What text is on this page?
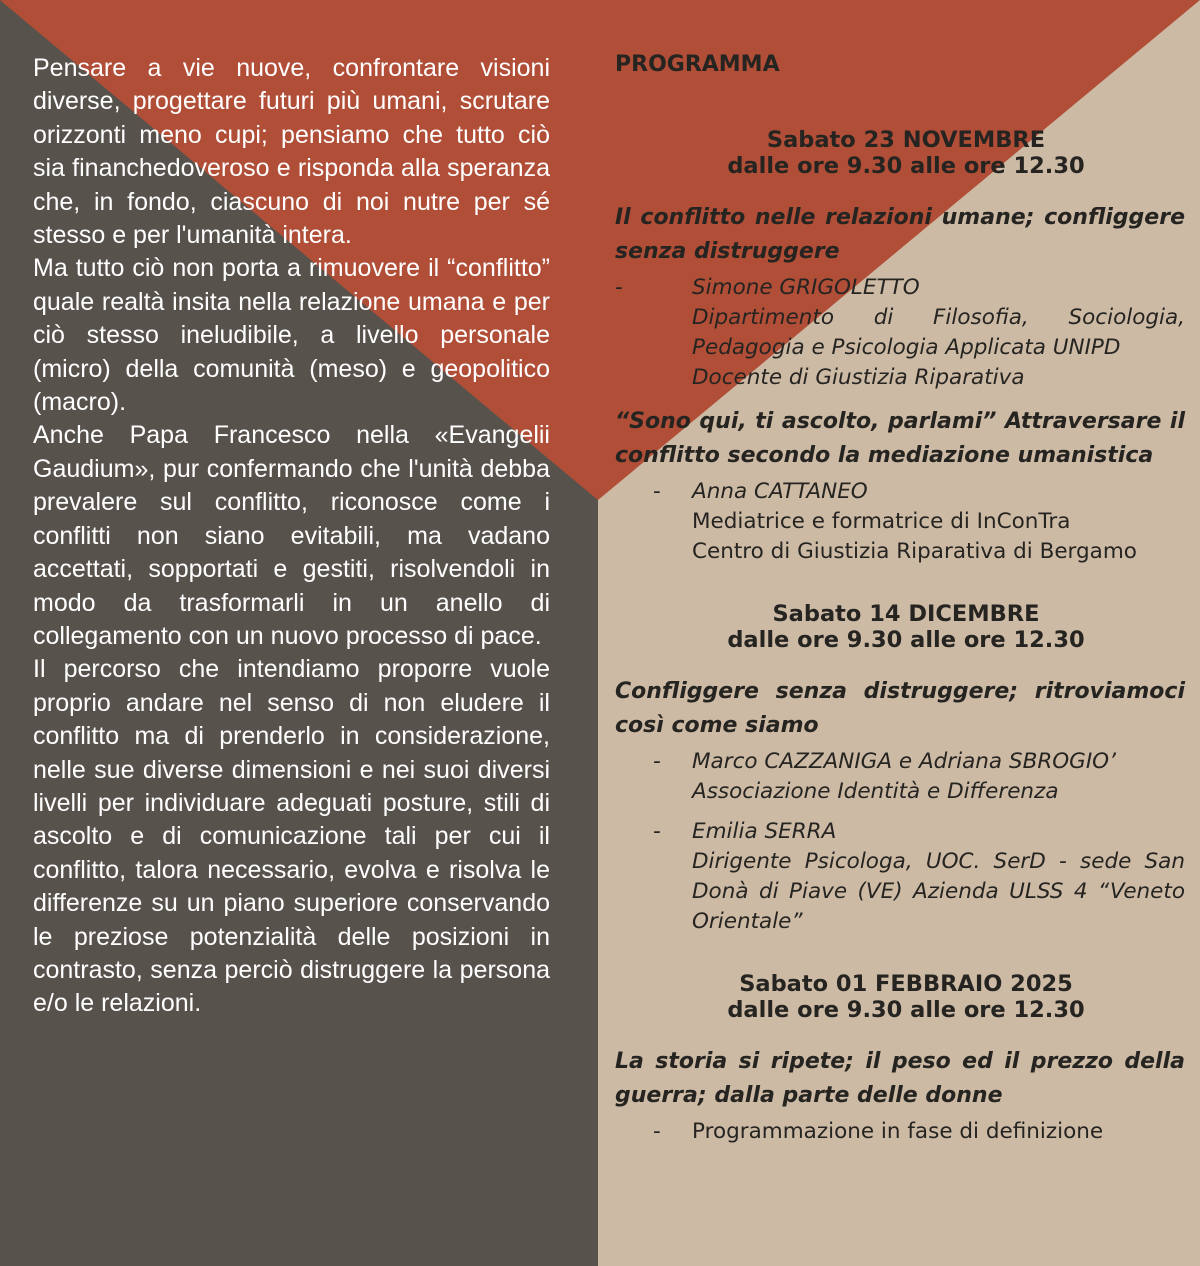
Pensare a vie nuove, confrontare visioni diverse, progettare futuri più umani, scrutare orizzonti meno cupi; pensiamo che tutto ciò sia financhedoveroso e risponda alla speranza che, in fondo, ciascuno di noi nutre per sé stesso e per l'umanità intera.

Ma tutto ciò non porta a rimuovere il “conflitto” quale realtà insita nella relazione umana e per ciò stesso ineludibile, a livello personale (micro) della comunità (meso) e geopolitico (macro).

Anche Papa Francesco nella «Evangelii Gaudium», pur confermando che l'unità debba prevalere sul conflitto, riconosce come i conflitti non siano evitabili, ma vadano accettati, sopportati e gestiti, risolvendoli in modo da trasformarli in un anello di collegamento con un nuovo processo di pace.

Il percorso che intendiamo proporre vuole proprio andare nel senso di non eludere il conflitto ma di prenderlo in considerazione, nelle sue diverse dimensioni e nei suoi diversi livelli per individuare adeguati posture, stili di ascolto e di comunicazione tali per cui il conflitto, talora necessario, evolva e risolva le differenze su un piano superiore conservando le preziose potenzialità delle posizioni in contrasto, senza perciò distruggere la persona e/o le relazioni.

PROGRAMMA
Sabato 23 NOVEMBRE
dalle ore 9.30 alle ore 12.30
Il conflitto nelle relazioni umane; confliggere senza distruggere
-	Simone GRIGOLETTO
Dipartimento di Filosofia, Sociologia, Pedagogia e Psicologia Applicata UNIPD
Docente di Giustizia Riparativa
“Sono qui, ti ascolto, parlami” Attraversare il conflitto secondo la mediazione umanistica
- Anna CATTANEO
Mediatrice e formatrice di InConTra
Centro di Giustizia Riparativa di Bergamo
Sabato 14 DICEMBRE
dalle ore 9.30 alle ore 12.30
Confliggere senza distruggere; ritroviamoci così come siamo
- Marco CAZZANIGA e Adriana SBROGIO’
Associazione Identità e Differenza
- Emilia SERRA
Dirigente Psicologa, UOC. SerD - sede San Donà di Piave (VE) Azienda ULSS 4 “Veneto Orientale”
Sabato 01 FEBBRAIO 2025
dalle ore 9.30 alle ore 12.30
La storia si ripete; il peso ed il prezzo della guerra; dalla parte delle donne
- Programmazione in fase di definizione
